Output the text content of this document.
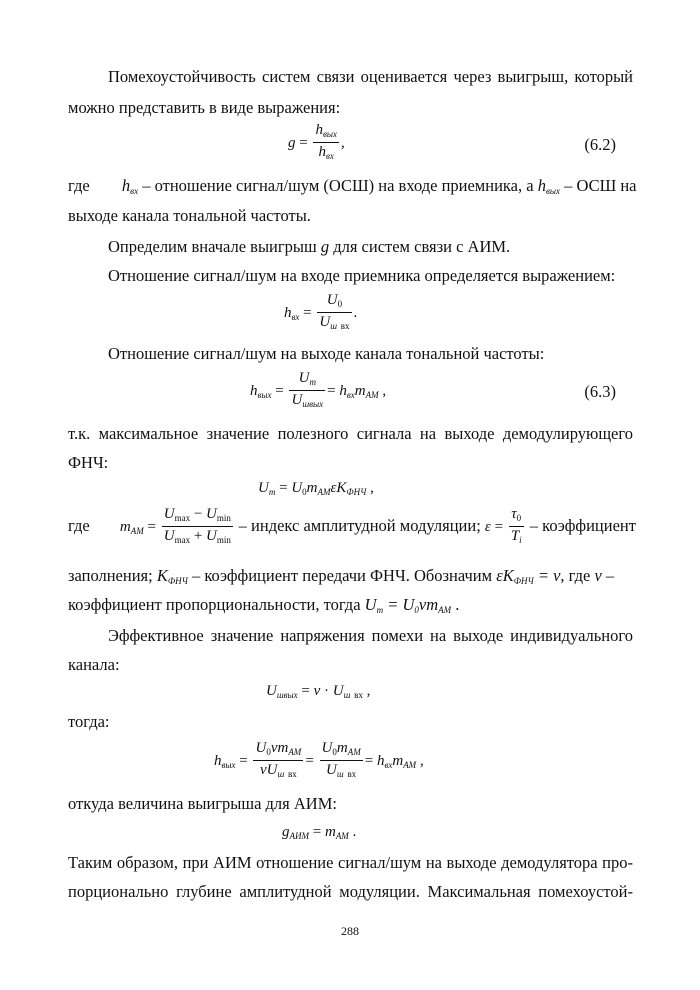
Помехоустойчивость систем связи оценивается через выигрыш, который
можно представить в виде выражения:
$g = \frac{h_{вых}}{h_{вх}}$ ,	(6.2)
где $h_{вх}$ – отношение сигнал/шум (ОСШ) на входе приемника, а $h_{вых}$ – ОСШ на
выходе канала тональной частоты.
Определим вначале выигрыш g для систем связи с АИМ.
Отношение сигнал/шум на входе приемника определяется выражением:
$h_{вх} = \frac{U_0}{U_ш _{вх}}$ .
Отношение сигнал/шум на выходе канала тональной частоты:
$h_{вых} = \frac{U_m}{U_{швых}} = h_{вх}m_{АМ}$ ,	(6.3)
т.к. максимальное значение полезного сигнала на выходе демодулирующего
ФНЧ:
$U_m = U_0m_{АМ}\varepsilon K_{ФНЧ}$ ,
где $m_{АМ} = \frac{U_{max} - U_{min}}{U_{max} + U_{min}}$ – индекс амплитудной модуляции; $\varepsilon = \frac{\tau_0}{T_i}$ – коэффициент
заполнения; $K_{ФНЧ}$ – коэффициент передачи ФНЧ. Обозначим $\varepsilon K_{ФНЧ} = \nu$, где ν –
коэффициент пропорциональности, тогда $U_m = U0\nu m_{АМ}$ .
Эффективное значение напряжения помехи на выходе индивидуального
канала:
$U_{швых} = \nu \cdot U_ш$ $_{вх}$ ,
тогда:
$h_{вых} = \frac{U_0\nu m_{АМ}}{\nu U_ш _{вх}} = \frac{U_0m_{АМ}}{U_ш _{вх}} = h_{вх}m_{АМ}$ ,
откуда величина выигрыша для АИМ:
$g_{АИМ} = m_{АМ}$ .
Таким образом, при АИМ отношение сигнал/шум на выходе демодулятора про-
порционально глубине амплитудной модуляции. Максимальная помехоустой-
288
